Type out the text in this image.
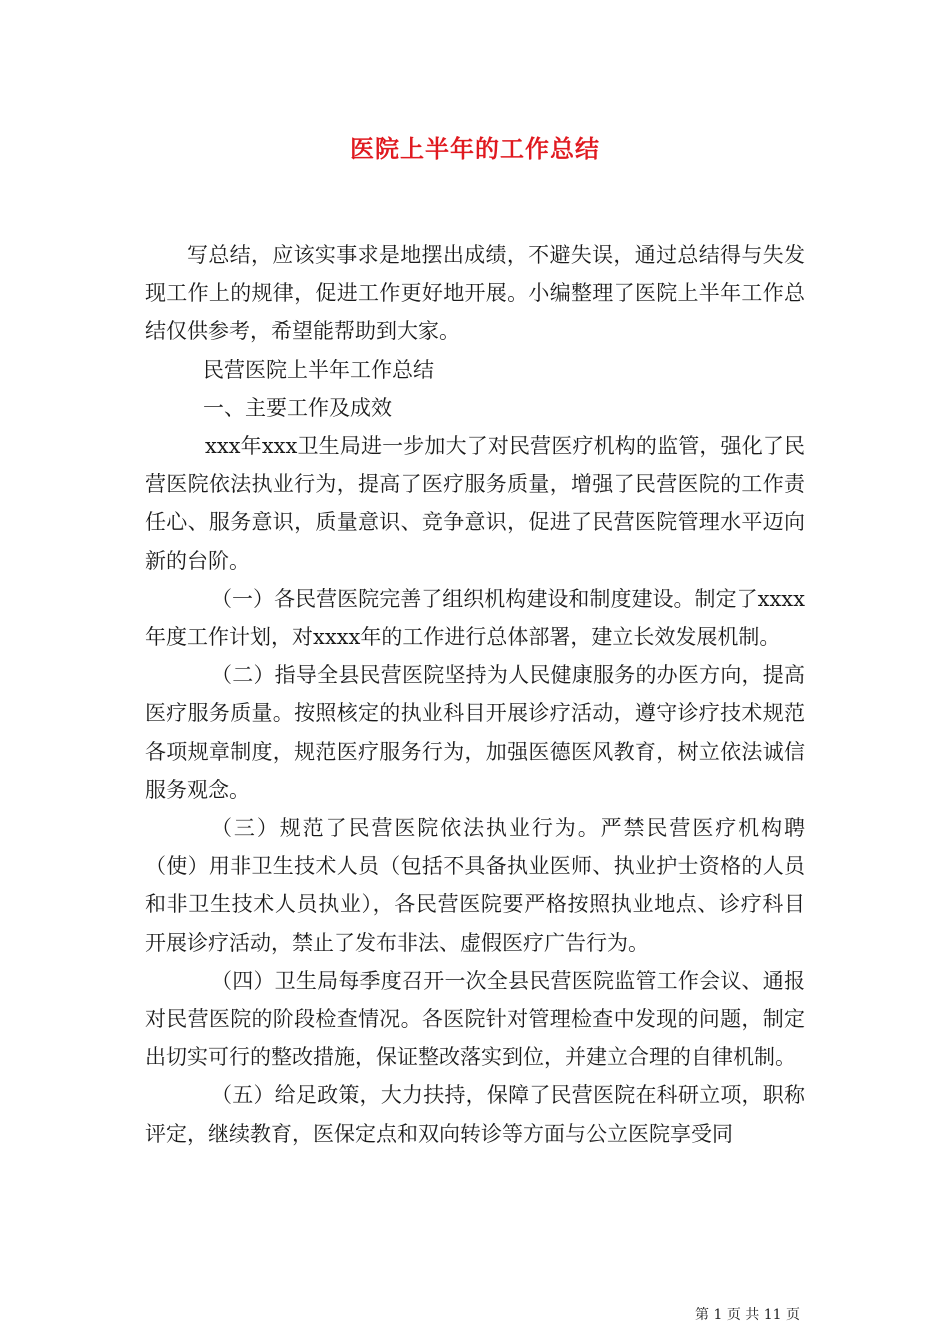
医院上半年的工作总结

写总结，应该实事求是地摆出成绩，不避失误，通过总结得与失发现工作上的规律，促进工作更好地开展。小编整理了医院上半年工作总结仅供参考，希望能帮助到大家。

民营医院上半年工作总结

一、主要工作及成效

xxx年xxx卫生局进一步加大了对民营医疗机构的监管，强化了民营医院依法执业行为，提高了医疗服务质量，增强了民营医院的工作责任心、服务意识，质量意识、竞争意识，促进了民营医院管理水平迈向新的台阶。

（一）各民营医院完善了组织机构建设和制度建设。制定了xxxx年度工作计划，对xxxx年的工作进行总体部署，建立长效发展机制。

（二）指导全县民营医院坚持为人民健康服务的办医方向，提高医疗服务质量。按照核定的执业科目开展诊疗活动，遵守诊疗技术规范各项规章制度，规范医疗服务行为，加强医德医风教育，树立依法诚信服务观念。

（三）规范了民营医院依法执业行为。严禁民营医疗机构聘（使）用非卫生技术人员（包括不具备执业医师、执业护士资格的人员和非卫生技术人员执业），各民营医院要严格按照执业地点、诊疗科目开展诊疗活动，禁止了发布非法、虚假医疗广告行为。

（四）卫生局每季度召开一次全县民营医院监管工作会议、通报对民营医院的阶段检查情况。各医院针对管理检查中发现的问题，制定出切实可行的整改措施，保证整改落实到位，并建立合理的自律机制。

（五）给足政策，大力扶持，保障了民营医院在科研立项，职称评定，继续教育，医保定点和双向转诊等方面与公立医院享受同

第 1 页 共 11 页
